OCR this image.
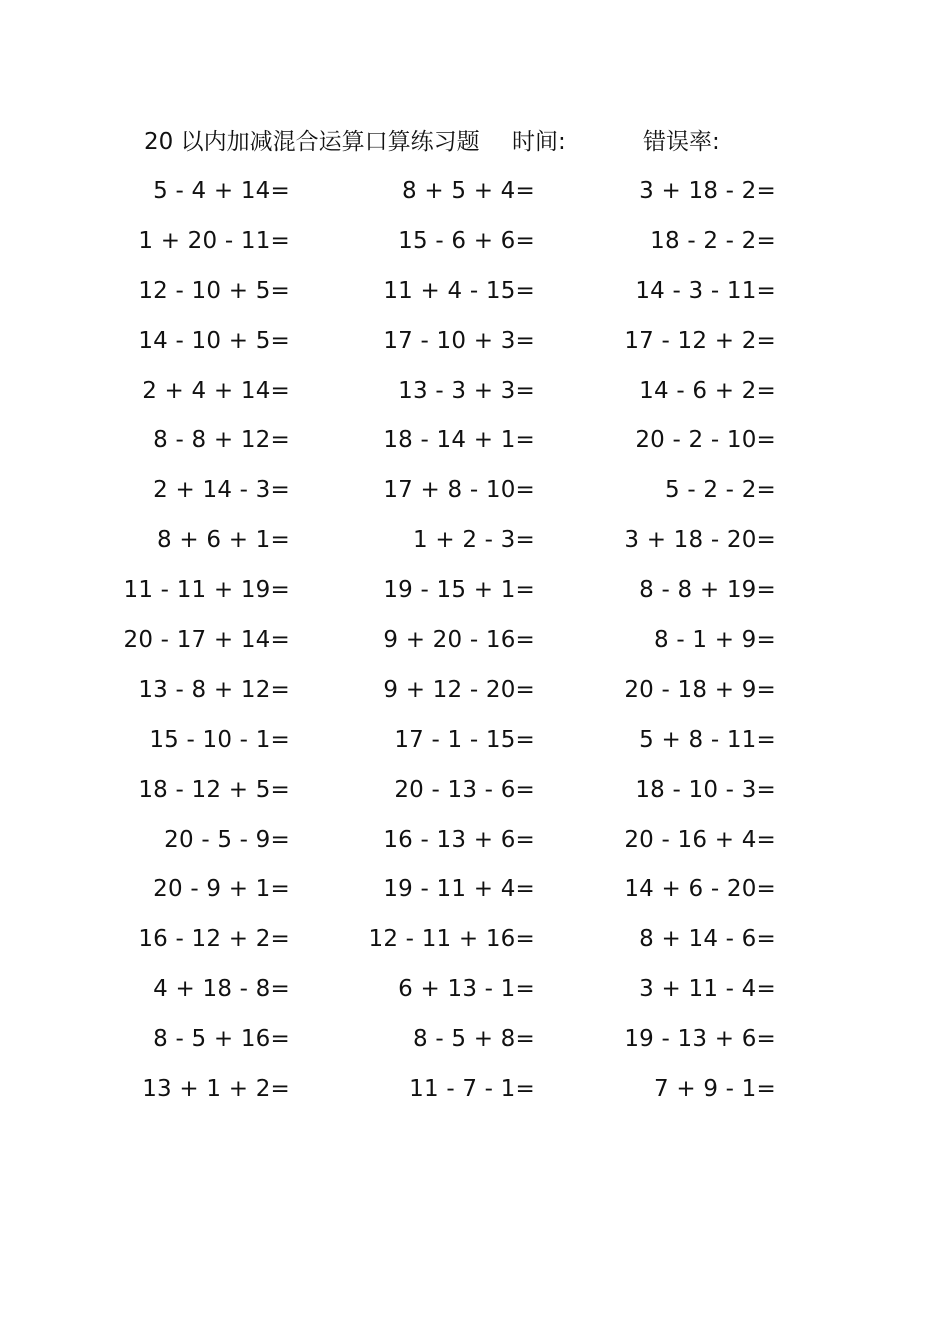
20 以内加减混合运算口算练习题 时间:	错误率:
5 - 4 + 14=	8 + 5 + 4=	3 + 18 - 2=
1 + 20 - 11=	15 - 6 + 6=	18 - 2 - 2=
12 - 10 + 5=	11 + 4 - 15=	14 - 3 - 11=
14 - 10 + 5=	17 - 10 + 3=	17 - 12 + 2=
2 + 4 + 14=	13 - 3 + 3=	14 - 6 + 2=
8 - 8 + 12=	18 - 14 + 1=	20 - 2 - 10=
2 + 14 - 3=	17 + 8 - 10=	5 - 2 - 2=
8 + 6 + 1=	1 + 2 - 3=	3 + 18 - 20=
11 - 11 + 19=	19 - 15 + 1=	8 - 8 + 19=
20 - 17 + 14=	9 + 20 - 16=	8 - 1 + 9=
13 - 8 + 12=	9 + 12 - 20=	20 - 18 + 9=
15 - 10 - 1=	17 - 1 - 15=	5 + 8 - 11=
18 - 12 + 5=	20 - 13 - 6=	18 - 10 - 3=
20 - 5 - 9=	16 - 13 + 6=	20 - 16 + 4=
20 - 9 + 1=	19 - 11 + 4=	14 + 6 - 20=
16 - 12 + 2=	12 - 11 + 16=	8 + 14 - 6=
4 + 18 - 8=	6 + 13 - 1=	3 + 11 - 4=
8 - 5 + 16=	8 - 5 + 8=	19 - 13 + 6=
13 + 1 + 2=	11 - 7 - 1=	7 + 9 - 1=
